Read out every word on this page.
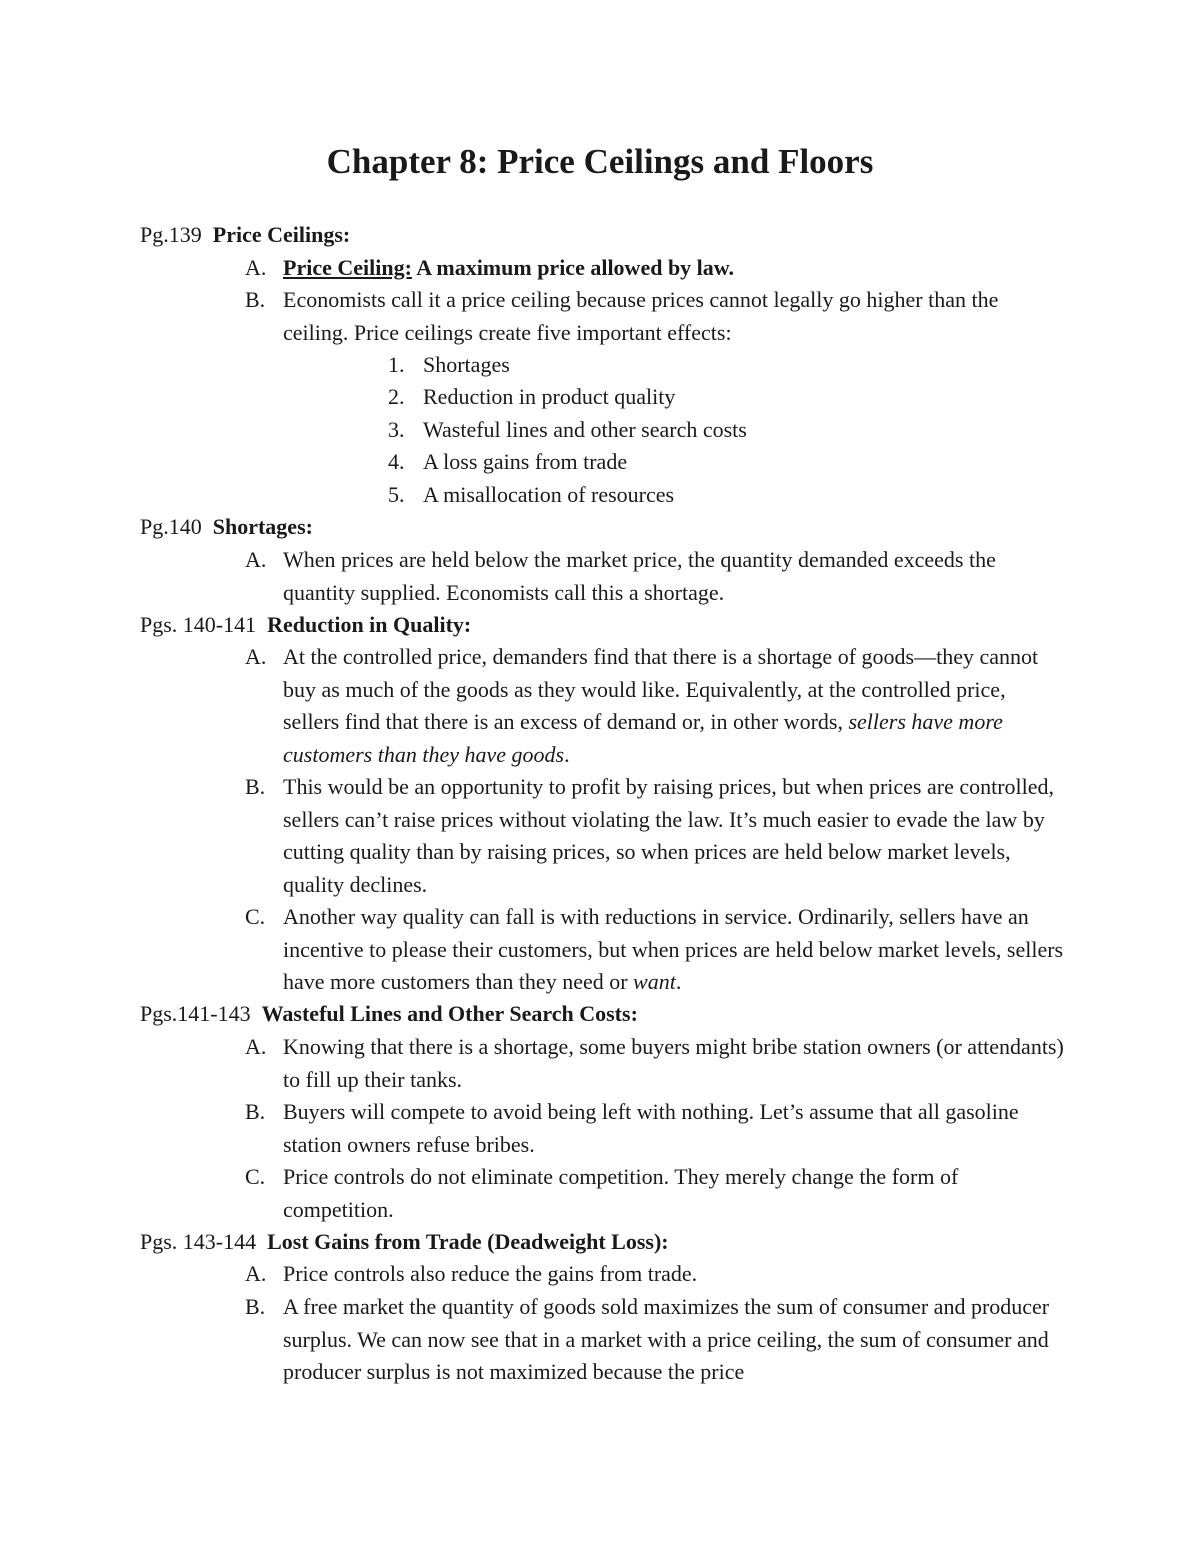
Chapter 8: Price Ceilings and Floors
Pg.139 Price Ceilings:
A. Price Ceiling: A maximum price allowed by law.
B. Economists call it a price ceiling because prices cannot legally go higher than the ceiling. Price ceilings create five important effects:
1. Shortages
2. Reduction in product quality
3. Wasteful lines and other search costs
4. A loss gains from trade
5. A misallocation of resources
Pg.140 Shortages:
A. When prices are held below the market price, the quantity demanded exceeds the quantity supplied. Economists call this a shortage.
Pgs. 140-141 Reduction in Quality:
A. At the controlled price, demanders find that there is a shortage of goods—they cannot buy as much of the goods as they would like. Equivalently, at the controlled price, sellers find that there is an excess of demand or, in other words, sellers have more customers than they have goods.
B. This would be an opportunity to profit by raising prices, but when prices are controlled, sellers can’t raise prices without violating the law. It’s much easier to evade the law by cutting quality than by raising prices, so when prices are held below market levels, quality declines.
C. Another way quality can fall is with reductions in service. Ordinarily, sellers have an incentive to please their customers, but when prices are held below market levels, sellers have more customers than they need or want.
Pgs.141-143 Wasteful Lines and Other Search Costs:
A. Knowing that there is a shortage, some buyers might bribe station owners (or attendants) to fill up their tanks.
B. Buyers will compete to avoid being left with nothing. Let’s assume that all gasoline station owners refuse bribes.
C. Price controls do not eliminate competition. They merely change the form of competition.
Pgs. 143-144 Lost Gains from Trade (Deadweight Loss):
A. Price controls also reduce the gains from trade.
B. A free market the quantity of goods sold maximizes the sum of consumer and producer surplus. We can now see that in a market with a price ceiling, the sum of consumer and producer surplus is not maximized because the price
